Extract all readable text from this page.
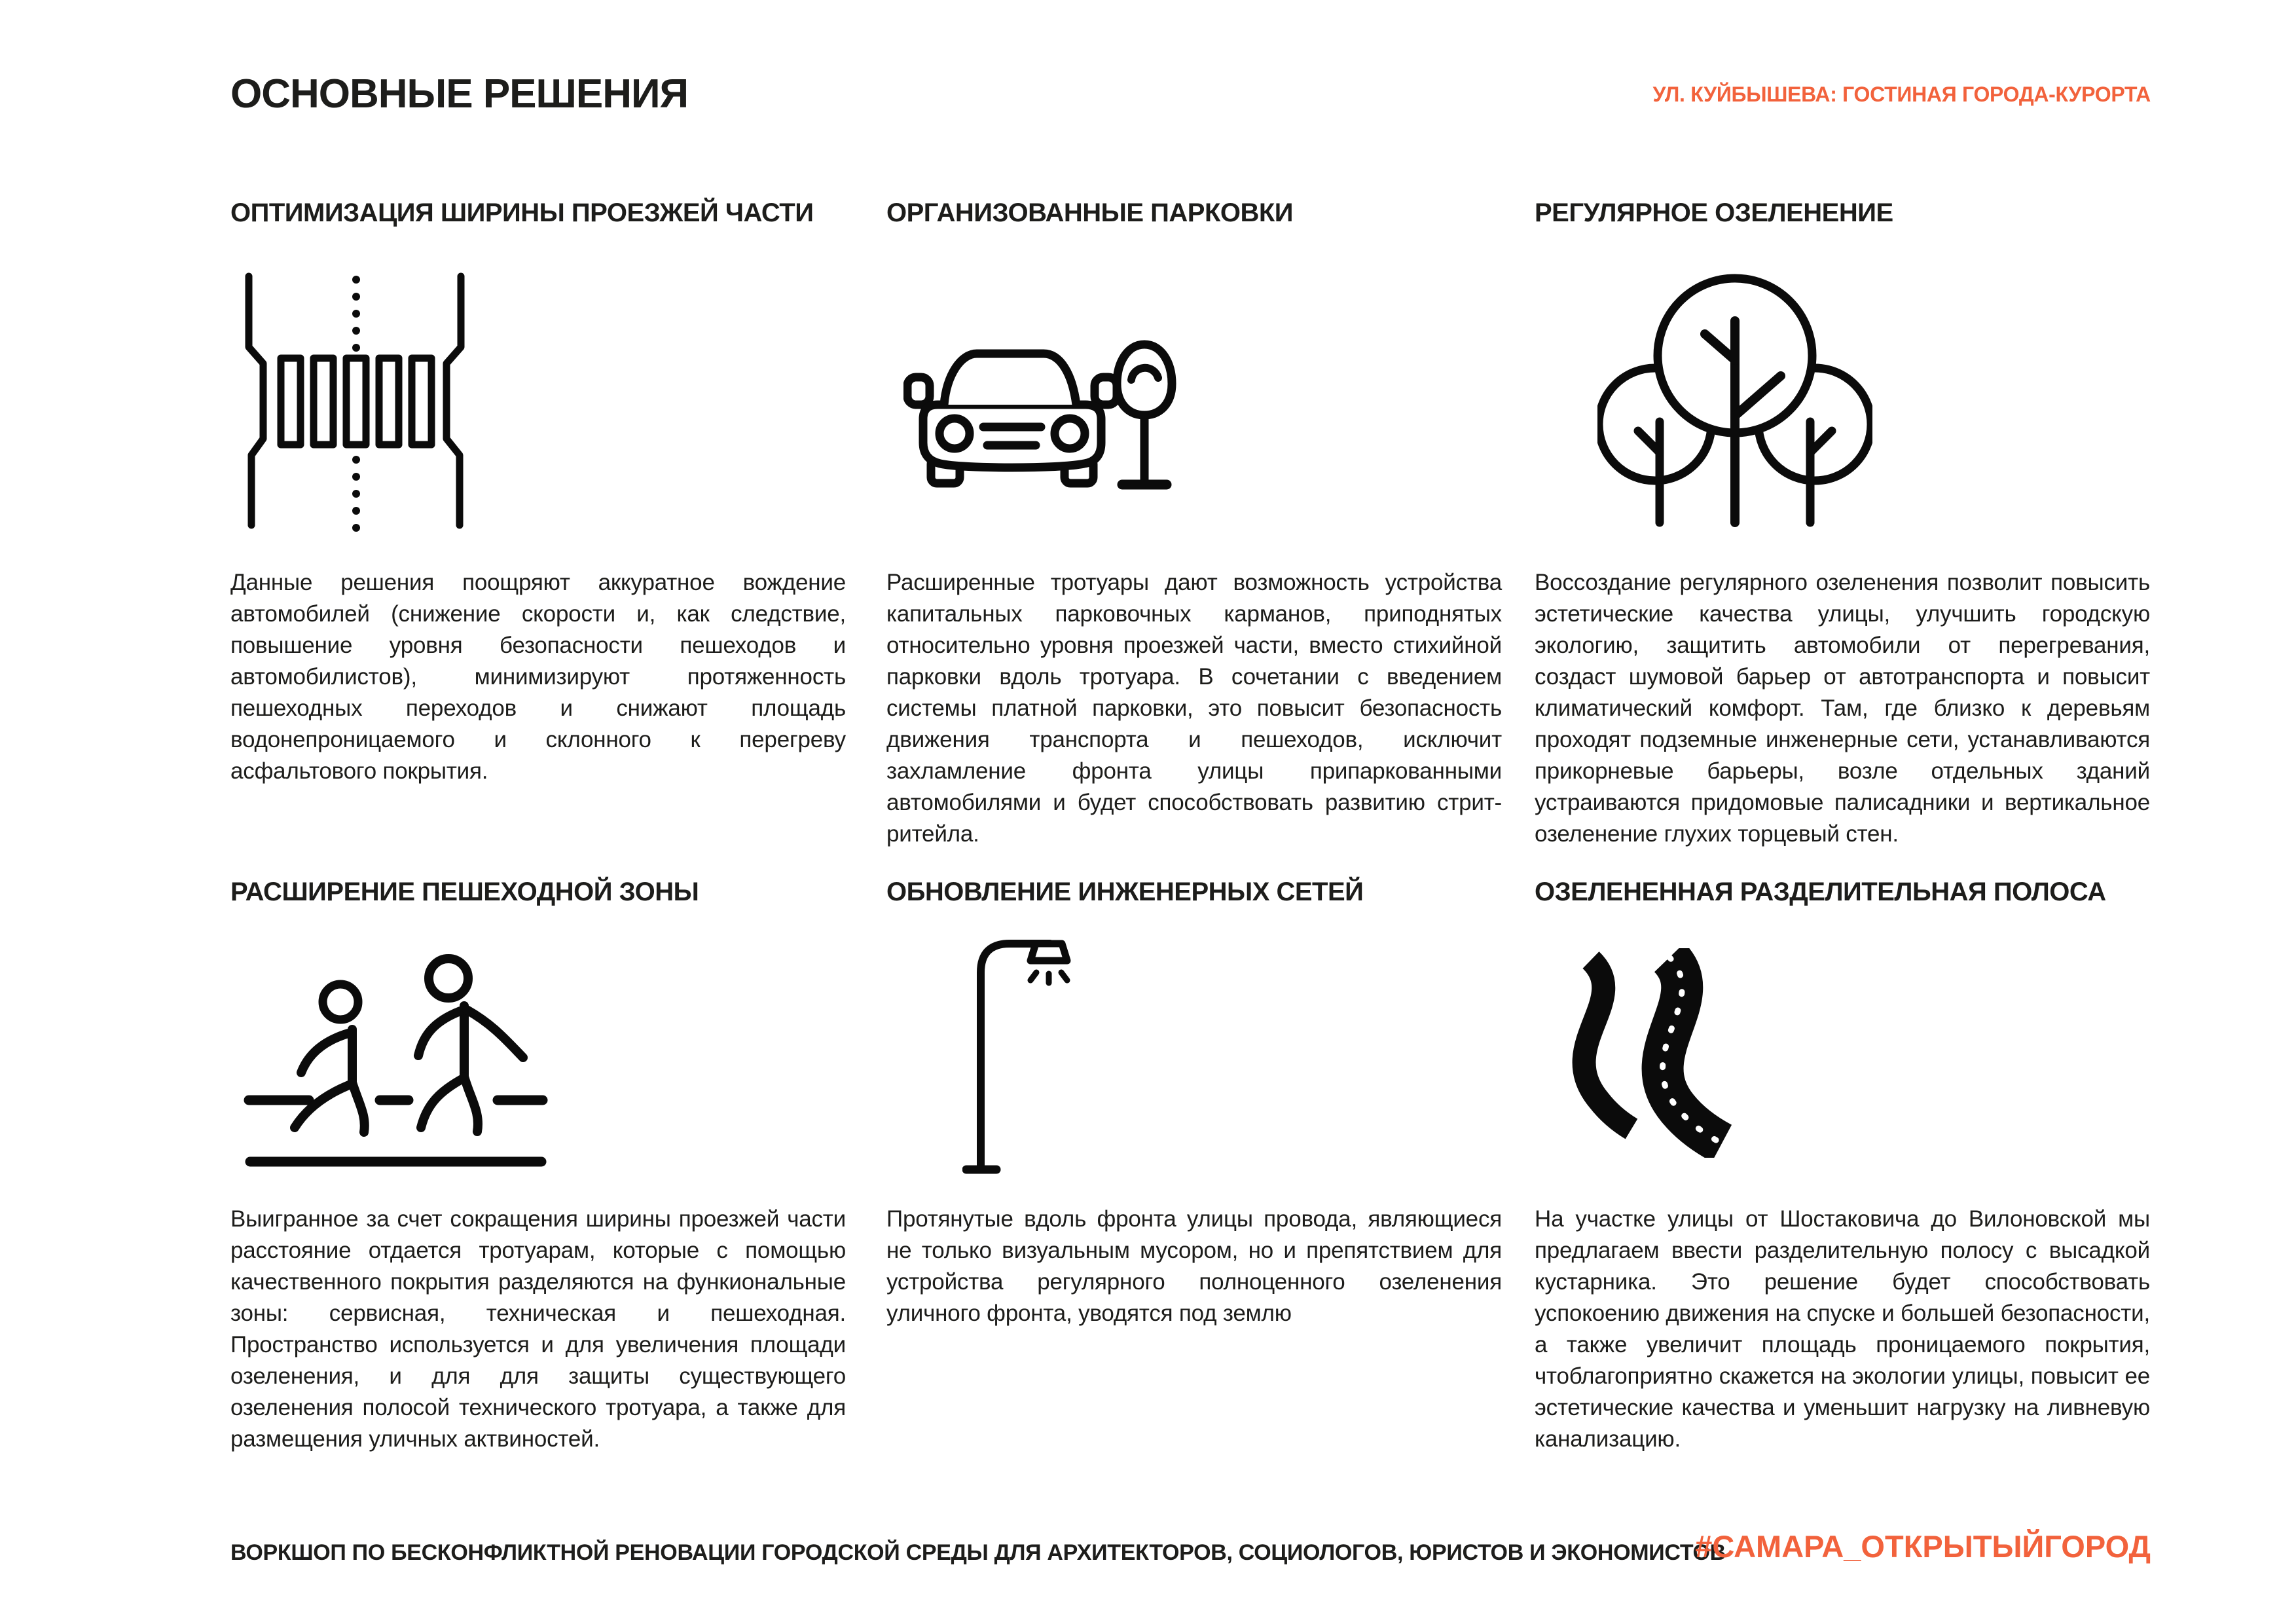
ОСНОВНЫЕ РЕШЕНИЯ	УЛ. КУЙБЫШЕВА: ГОСТИНАЯ ГОРОДА-КУРОРТА
ОПТИМИЗАЦИЯ ШИРИНЫ ПРОЕЗЖЕЙ ЧАСТИ
Данные решения поощряют аккуратное вождение автомобилей (снижение скорости и, как следствие, повышение уровня безопасности пешеходов и автомобилистов), минимизируют протяженность пешеходных переходов и снижают площадь водонепроницаемого и склонного к перегреву асфальтового покрытия.
ОРГАНИЗОВАННЫЕ ПАРКОВКИ
Расширенные тротуары дают возможность устройства капитальных парковочных карманов, приподнятых относительно уровня проезжей части, вместо стихийной парковки вдоль тротуара. В сочетании с введением системы платной парковки, это повысит безопасность движения транспорта и пешеходов, исключит захламление фронта улицы припаркованными автомобилями и будет способствовать развитию стрит-ритейла.
РЕГУЛЯРНОЕ ОЗЕЛЕНЕНИЕ
Воссоздание регулярного озеленения позволит повысить эстетические качества улицы, улучшить городскую экологию, защитить автомобили от перегревания, создаст шумовой барьер от автотранспорта и повысит климатический комфорт. Там, где близко к деревьям проходят подземные инженерные сети, устанавливаются прикорневые барьеры, возле отдельных зданий устраиваются придомовые палисадники и вертикальное озеленение глухих торцевый стен.
РАСШИРЕНИЕ ПЕШЕХОДНОЙ ЗОНЫ
Выигранное за счет сокращения ширины проезжей части расстояние отдается тротуарам, которые с помощью качественного покрытия разделяются на функиональные зоны: сервисная, техническая и пешеходная. Пространство используется и для увеличения площади озеленения, и для для защиты существующего озеленения полосой технического тротуара, а также для размещения уличных актвиностей.
ОБНОВЛЕНИЕ ИНЖЕНЕРНЫХ СЕТЕЙ
Протянутые вдоль фронта улицы провода, являющиеся не только визуальным мусором, но и препятствием для устройства регулярного полноценного озеленения уличного фронта, уводятся под землю
ОЗЕЛЕНЕННАЯ РАЗДЕЛИТЕЛЬНАЯ ПОЛОСА
На участке улицы от Шостаковича до Вилоновской мы предлагаем ввести разделительную полосу с высадкой кустарника. Это решение будет способствовать успокоению движения на спуске и большей безопасности, а также увеличит площадь проницаемого покрытия, чтоблагоприятно скажется на экологии улицы, повысит ее эстетические качества и уменьшит нагрузку на ливневую канализацию.
ВОРКШОП ПО БЕСКОНФЛИКТНОЙ РЕНОВАЦИИ ГОРОДСКОЙ СРЕДЫ ДЛЯ АРХИТЕКТОРОВ, СОЦИОЛОГОВ, ЮРИСТОВ И ЭКОНОМИСТОВ
#САМАРА_ОТКРЫТЫЙГОРОД
